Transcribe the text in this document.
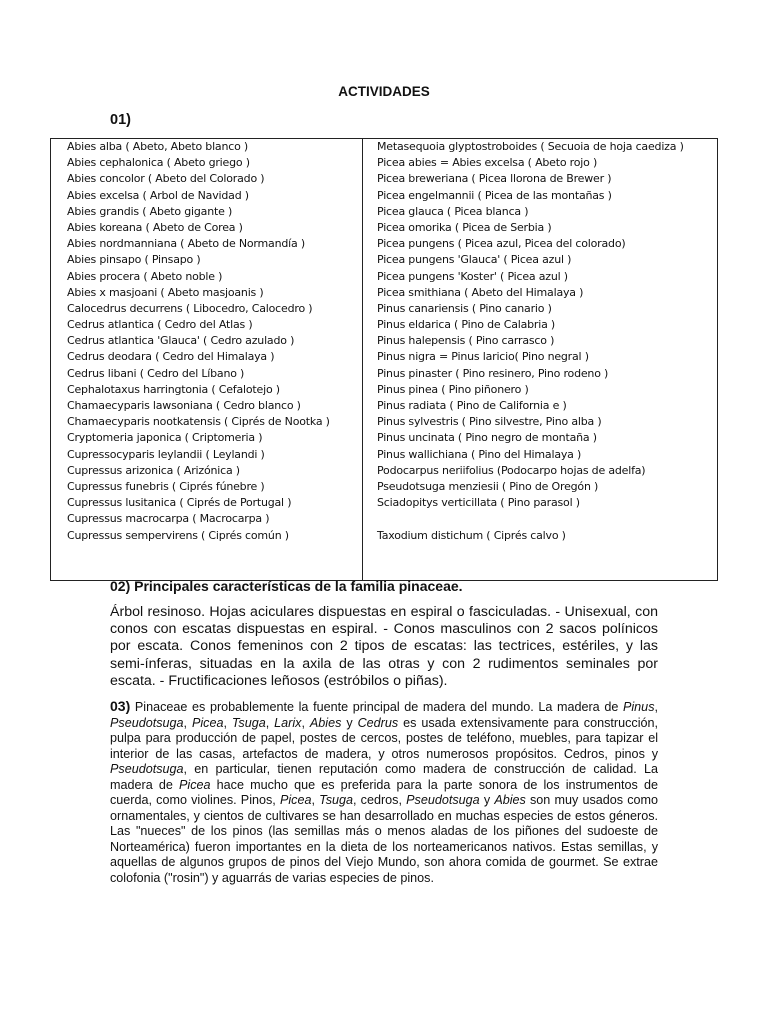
ACTIVIDADES
01)
Abies alba ( Abeto, Abeto blanco )
Abies cephalonica ( Abeto griego )
Abies concolor ( Abeto del Colorado )
Abies excelsa ( Arbol de Navidad )
Abies grandis ( Abeto gigante )
Abies koreana ( Abeto de Corea )
Abies nordmanniana ( Abeto de Normandía )
Abies pinsapo ( Pinsapo )
Abies procera ( Abeto noble )
Abies x masjoani ( Abeto masjoanis )
Calocedrus decurrens ( Libocedro, Calocedro )
Cedrus atlantica ( Cedro del Atlas )
Cedrus atlantica 'Glauca' ( Cedro azulado )
Cedrus deodara ( Cedro del Himalaya )
Cedrus libani ( Cedro del Líbano )
Cephalotaxus harringtonia ( Cefalotejo )
Chamaecyparis lawsoniana ( Cedro blanco )
Chamaecyparis nootkatensis ( Ciprés de Nootka )
Cryptomeria japonica ( Criptomeria )
Cupressocyparis leylandii ( Leylandi )
Cupressus arizonica ( Arizónica )
Cupressus funebris ( Ciprés fúnebre )
Cupressus lusitanica ( Ciprés de Portugal )
Cupressus macrocarpa ( Macrocarpa )
Cupressus sempervirens ( Ciprés común )
Metasequoia glyptostroboides ( Secuoia de hoja caediza )
Picea abies = Abies excelsa ( Abeto rojo )
Picea breweriana ( Picea llorona de Brewer )
Picea engelmannii ( Picea de las montañas )
Picea glauca ( Picea blanca )
Picea omorika ( Picea de Serbia )
Picea pungens ( Picea azul, Picea del colorado)
Picea pungens 'Glauca' ( Picea azul )
Picea pungens 'Koster' ( Picea azul )
Picea smithiana ( Abeto del Himalaya )
Pinus canariensis ( Pino canario )
Pinus eldarica ( Pino de Calabria )
Pinus halepensis ( Pino carrasco )
Pinus nigra = Pinus laricio( Pino negral )
Pinus pinaster ( Pino resinero, Pino rodeno )
Pinus pinea ( Pino piñonero )
Pinus radiata ( Pino de California e )
Pinus sylvestris ( Pino silvestre, Pino alba )
Pinus uncinata ( Pino negro de montaña )
Pinus wallichiana ( Pino del Himalaya )
Podocarpus neriifolius (Podocarpo hojas de adelfa)
Pseudotsuga menziesii ( Pino de Oregón )
Sciadopitys verticillata ( Pino parasol )
Taxodium distichum ( Ciprés calvo )
02) Principales características de la familia pinaceae.
Árbol resinoso. Hojas aciculares dispuestas en espiral o fasciculadas. - Unisexual, con conos con escatas dispuestas en espiral. - Conos masculinos con 2 sacos polínicos por escata. Conos femeninos con 2 tipos de escatas: las tectrices, estériles, y las semi-ínferas, situadas en la axila de las otras y con 2 rudimentos seminales por escata. - Fructificaciones leñosos (estróbilos o piñas).
03) Pinaceae es probablemente la fuente principal de madera del mundo. La madera de Pinus, Pseudotsuga, Picea, Tsuga, Larix, Abies y Cedrus es usada extensivamente para construcción, pulpa para producción de papel, postes de cercos, postes de teléfono, muebles, para tapizar el interior de las casas, artefactos de madera, y otros numerosos propósitos. Cedros, pinos y Pseudotsuga, en particular, tienen reputación como madera de construcción de calidad. La madera de Picea hace mucho que es preferida para la parte sonora de los instrumentos de cuerda, como violines. Pinos, Picea, Tsuga, cedros, Pseudotsuga y Abies son muy usados como ornamentales, y cientos de cultivares se han desarrollado en muchas especies de estos géneros. Las "nueces" de los pinos (las semillas más o menos aladas de los piñones del sudoeste de Norteamérica) fueron importantes en la dieta de los norteamericanos nativos. Estas semillas, y aquellas de algunos grupos de pinos del Viejo Mundo, son ahora comida de gourmet. Se extrae colofonia ("rosin") y aguarrás de varias especies de pinos.
